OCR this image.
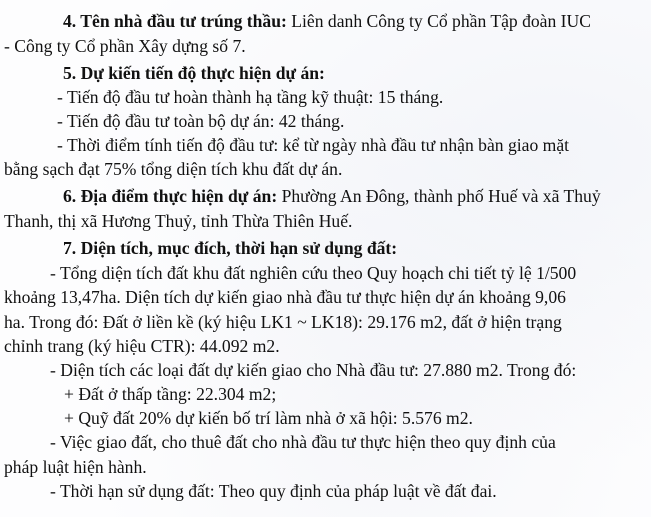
4. Tên nhà đầu tư trúng thầu: Liên danh Công ty Cổ phần Tập đoàn IUC
- Công ty Cổ phần Xây dựng số 7.
5. Dự kiến tiến độ thực hiện dự án:
- Tiến độ đầu tư hoàn thành hạ tầng kỹ thuật: 15 tháng.
- Tiến độ đầu tư toàn bộ dự án: 42 tháng.
- Thời điểm tính tiến độ đầu tư: kể từ ngày nhà đầu tư nhận bàn giao mặt
bằng sạch đạt 75% tổng diện tích khu đất dự án.
6. Địa điểm thực hiện dự án: Phường An Đông, thành phố Huế và xã Thuỷ
Thanh, thị xã Hương Thuỷ, tỉnh Thừa Thiên Huế.
7. Diện tích, mục đích, thời hạn sử dụng đất:
- Tổng diện tích đất khu đất nghiên cứu theo Quy hoạch chi tiết tỷ lệ 1/500
khoảng 13,47ha. Diện tích dự kiến giao nhà đầu tư thực hiện dự án khoảng 9,06
ha. Trong đó: Đất ở liền kề (ký hiệu LK1 ~ LK18): 29.176 m2, đất ở hiện trạng
chỉnh trang (ký hiệu CTR): 44.092 m2.
- Diện tích các loại đất dự kiến giao cho Nhà đầu tư: 27.880 m2. Trong đó:
+ Đất ở thấp tầng: 22.304 m2;
+ Quỹ đất 20% dự kiến bố trí làm nhà ở xã hội: 5.576 m2.
- Việc giao đất, cho thuê đất cho nhà đầu tư thực hiện theo quy định của
pháp luật hiện hành.
- Thời hạn sử dụng đất: Theo quy định của pháp luật về đất đai.
